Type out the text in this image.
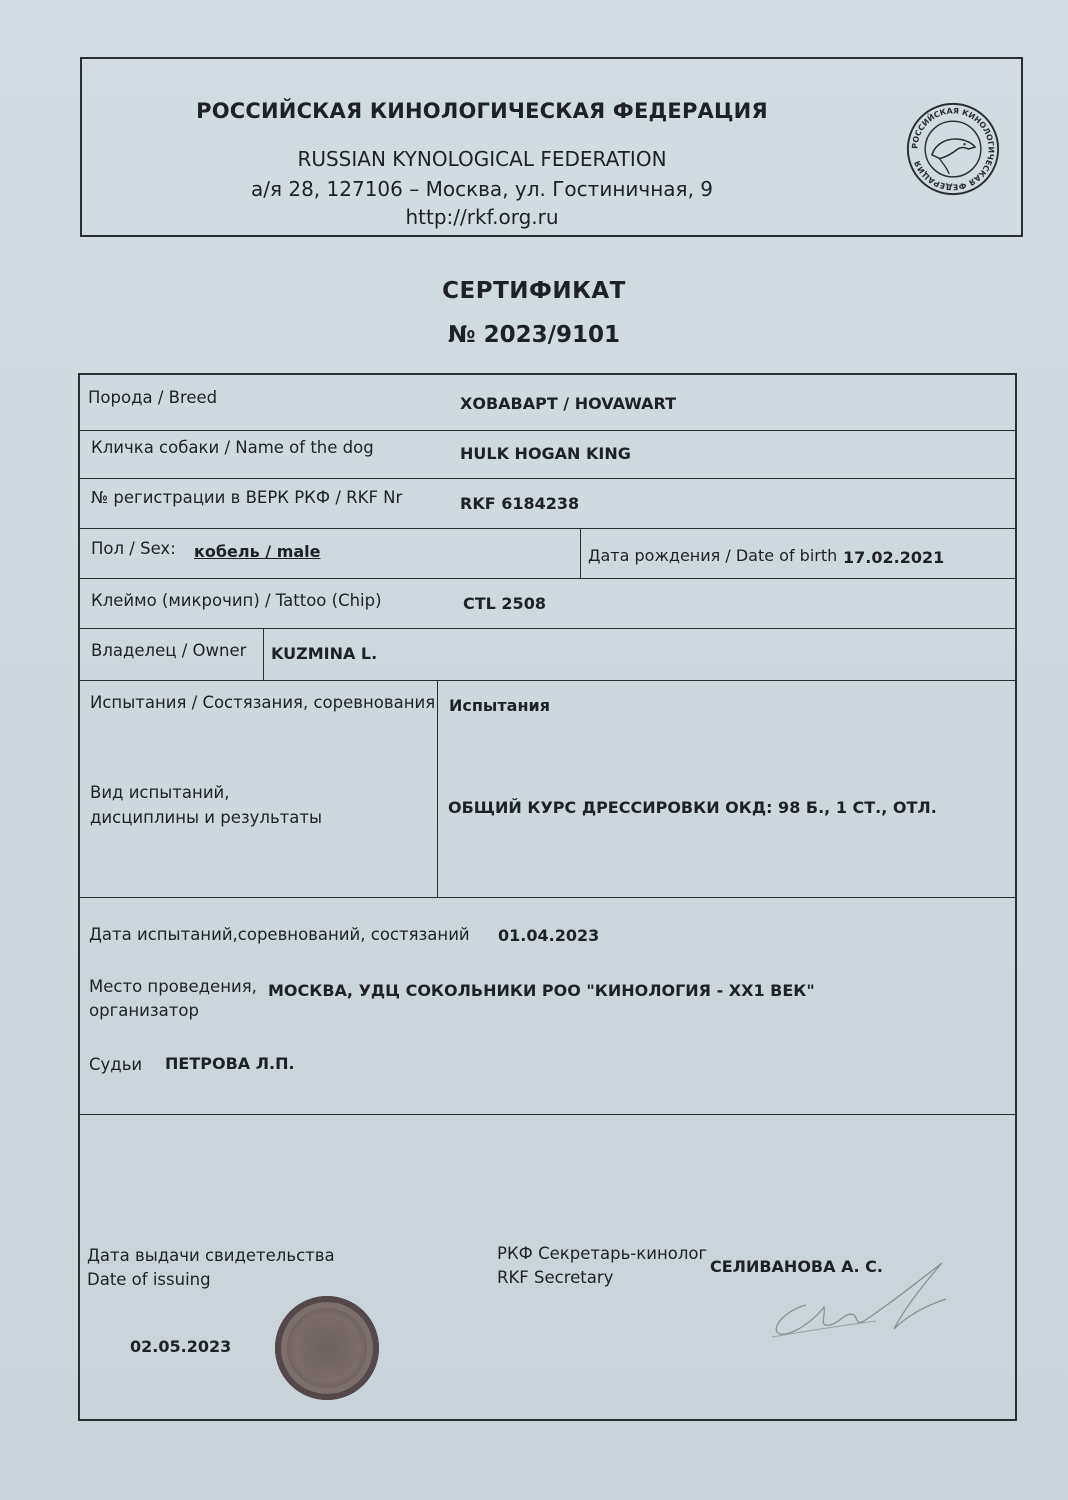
РОССИЙСКАЯ КИНОЛОГИЧЕСКАЯ ФЕДЕРАЦИЯ
RUSSIAN KYNOLOGICAL FEDERATION
а/я 28, 127106 – Москва, ул. Гостиничная, 9
http://rkf.org.ru
РОССИЙСКАЯ КИНОЛОГИЧЕСКАЯ ФЕДЕРАЦИЯ
СЕРТИФИКАТ
№ 2023/9101
Порода / Breed	ХОВАВАРТ / HOVAWART
Кличка собаки / Name of the dog	HULK HOGAN KING
№ регистрации в ВЕРК РКФ / RKF Nr	RKF 6184238
Пол / Sex: кобель / male	Дата рождения / Date of birth 17.02.2021
Клеймо (микрочип) / Tattoo (Chip)	CTL 2508
Владелец / Owner KUZMINA L.
Испытания / Состязания, соревнования Испытания
Вид испытаний,
дисциплины и результаты
ОБЩИЙ КУРС ДРЕССИРОВКИ ОКД: 98 Б., 1 СТ., ОТЛ.
Дата испытаний,соревнований, состязаний 01.04.2023
Место проведения,
организатор
МОСКВА, УДЦ СОКОЛЬНИКИ РОО "КИНОЛОГИЯ - XX1 ВЕК"
Судьи ПЕТРОВА Л.П.
Дата выдачи свидетельства
Date of issuing
02.05.2023
РКФ Секретарь-кинолог
RKF Secretary
СЕЛИВАНОВА А. С.
